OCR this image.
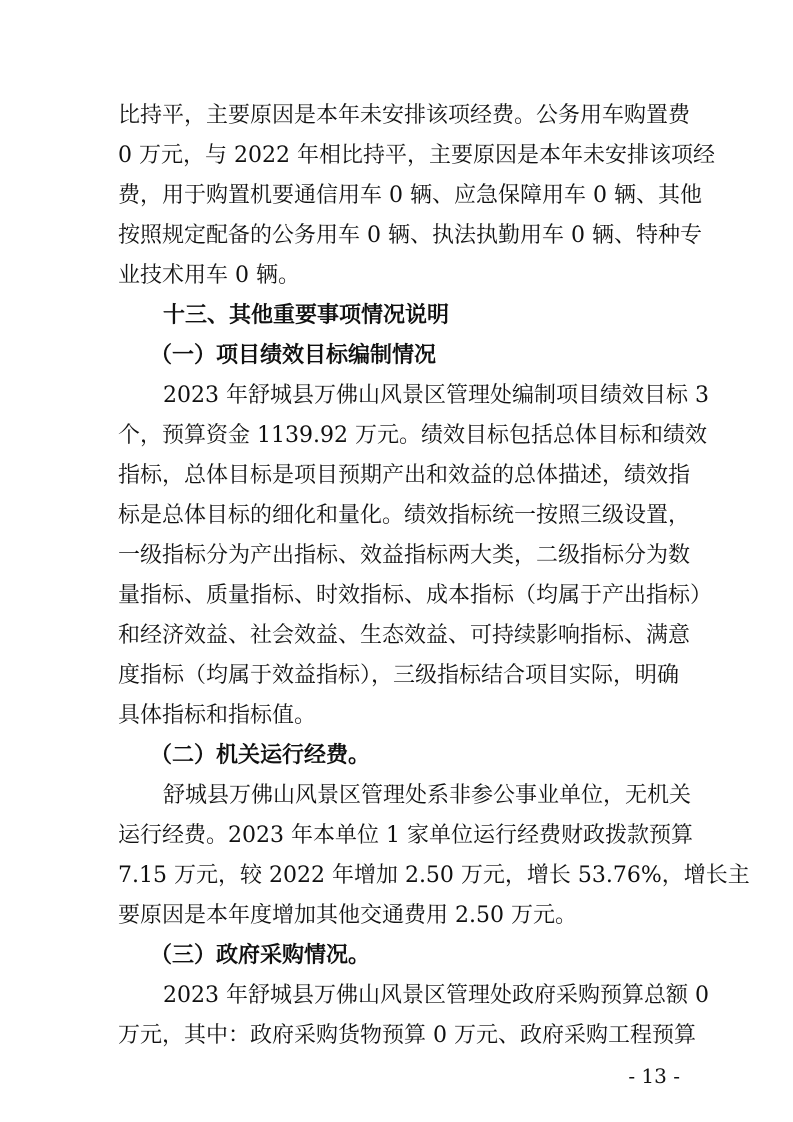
比持平，主要原因是本年未安排该项经费。公务用车购置费
0 万元，与 2022 年相比持平，主要原因是本年未安排该项经
费，用于购置机要通信用车 0 辆、应急保障用车 0 辆、其他
按照规定配备的公务用车 0 辆、执法执勤用车 0 辆、特种专
业技术用车 0 辆。
十三、其他重要事项情况说明
（一）项目绩效目标编制情况
2023 年舒城县万佛山风景区管理处编制项目绩效目标 3
个，预算资金 1139.92 万元。绩效目标包括总体目标和绩效
指标，总体目标是项目预期产出和效益的总体描述，绩效指
标是总体目标的细化和量化。绩效指标统一按照三级设置，
一级指标分为产出指标、效益指标两大类，二级指标分为数
量指标、质量指标、时效指标、成本指标（均属于产出指标）
和经济效益、社会效益、生态效益、可持续影响指标、满意
度指标（均属于效益指标），三级指标结合项目实际，明确
具体指标和指标值。
（二）机关运行经费。
舒城县万佛山风景区管理处系非参公事业单位，无机关
运行经费。2023 年本单位 1 家单位运行经费财政拨款预算
7.15 万元，较 2022 年增加 2.50 万元，增长 53.76%，增长主
要原因是本年度增加其他交通费用 2.50 万元。
（三）政府采购情况。
2023 年舒城县万佛山风景区管理处政府采购预算总额 0
万元，其中：政府采购货物预算 0 万元、政府采购工程预算
- 13 -
